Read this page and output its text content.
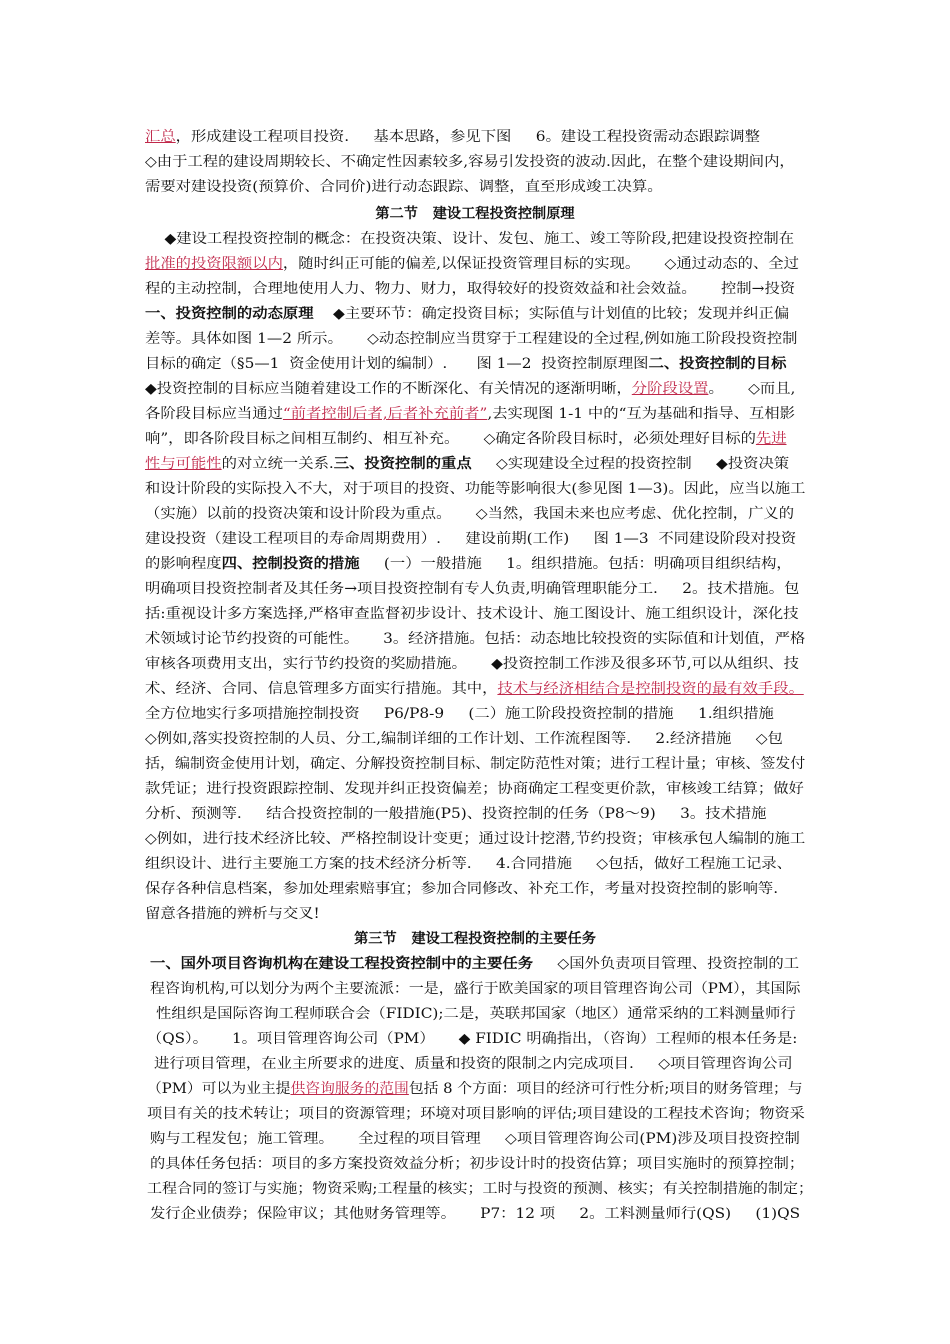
汇总，形成建设工程项目投资.     基本思路，参见下图     6。建设工程投资需动态跟踪调整
◇由于工程的建设周期较长、不确定性因素较多,容易引发投资的波动.因此，在整个建设期间内，
需要对建设投资(预算价、合同价)进行动态跟踪、调整，直至形成竣工决算。
第二节   建设工程投资控制原理
◆建设工程投资控制的概念：在投资决策、设计、发包、施工、竣工等阶段,把建设投资控制在
批准的投资限额以内，随时纠正可能的偏差,以保证投资管理目标的实现。     ◇通过动态的、全过
程的主动控制，合理地使用人力、物力、财力，取得较好的投资效益和社会效益。     控制→投资
一、投资控制的动态原理    ◆主要环节：确定投资目标；实际值与计划值的比较；发现并纠正偏
差等。具体如图 1—2 所示。     ◇动态控制应当贯穿于工程建设的全过程,例如施工阶段投资控制
目标的确定（§5—1  资金使用计划的编制）.      图 1—2  投资控制原理图二、投资控制的目标
◆投资控制的目标应当随着建设工作的不断深化、有关情况的逐渐明晰，分阶段设置。     ◇而且,
各阶段目标应当通过“前者控制后者,后者补充前者”,去实现图 1-1 中的“互为基础和指导、互相影
响”，即各阶段目标之间相互制约、相互补充。     ◇确定各阶段目标时，必须处理好目标的先进
性与可能性的对立统一关系.三、投资控制的重点     ◇实现建设全过程的投资控制     ◆投资决策
和设计阶段的实际投入不大，对于项目的投资、功能等影响很大(参见图 1—3)。因此，应当以施工
（实施）以前的投资决策和设计阶段为重点。     ◇当然，我国未来也应考虑、优化控制，广义的
建设投资（建设工程项目的寿命周期费用）.     建设前期(工作)     图 1—3  不同建设阶段对投资
的影响程度四、控制投资的措施     (一）一般措施     1。组织措施。包括：明确项目组织结构，
明确项目投资控制者及其任务→项目投资控制有专人负责,明确管理职能分工.     2。技术措施。包
括:重视设计多方案选择,严格审查监督初步设计、技术设计、施工图设计、施工组织设计，深化技
术领域讨论节约投资的可能性。     3。经济措施。包括：动态地比较投资的实际值和计划值，严格
审核各项费用支出，实行节约投资的奖励措施。     ◆投资控制工作涉及很多环节,可以从组织、技
术、经济、合同、信息管理多方面实行措施。其中，技术与经济相结合是控制投资的最有效手段。
全方位地实行多项措施控制投资     P6/P8-9     (二）施工阶段投资控制的措施     1.组织措施
◇例如,落实投资控制的人员、分工,编制详细的工作计划、工作流程图等.     2.经济措施     ◇包
括，编制资金使用计划，确定、分解投资控制目标、制定防范性对策；进行工程计量；审核、签发付
款凭证；进行投资跟踪控制、发现并纠正投资偏差；协商确定工程变更价款，审核竣工结算；做好
分析、预测等.     结合投资控制的一般措施(P5)、投资控制的任务（P8～9)     3。技术措施
◇例如，进行技术经济比较、严格控制设计变更；通过设计挖潜,节约投资；审核承包人编制的施工
组织设计、进行主要施工方案的技术经济分析等.     4.合同措施     ◇包括，做好工程施工记录、
保存各种信息档案，参加处理索赔事宜；参加合同修改、补充工作，考量对投资控制的影响等.
留意各措施的辨析与交叉!
第三节   建设工程投资控制的主要任务
一、国外项目咨询机构在建设工程投资控制中的主要任务     ◇国外负责项目管理、投资控制的工
程咨询机构,可以划分为两个主要流派：一是，盛行于欧美国家的项目管理咨询公司（PM），其国际
性组织是国际咨询工程师联合会（FIDIC);二是，英联邦国家（地区）通常采纳的工料测量师行
（QS）。     1。项目管理咨询公司（PM）     ◆ FIDIC 明确指出，（咨询）工程师的根本任务是:
进行项目管理，在业主所要求的进度、质量和投资的限制之内完成项目.     ◇项目管理咨询公司
（PM）可以为业主提供咨询服务的范围包括 8 个方面：项目的经济可行性分析;项目的财务管理；与
项目有关的技术转让；项目的资源管理；环境对项目影响的评估;项目建设的工程技术咨询；物资采
购与工程发包；施工管理。     全过程的项目管理     ◇项目管理咨询公司(PM)涉及项目投资控制
的具体任务包括：项目的多方案投资效益分析；初步设计时的投资估算；项目实施时的预算控制；
工程合同的签订与实施；物资采购;工程量的核实；工时与投资的预测、核实；有关控制措施的制定；
发行企业债券；保险审议；其他财务管理等。     P7：12 项     2。工料测量师行(QS)     (1)QS
